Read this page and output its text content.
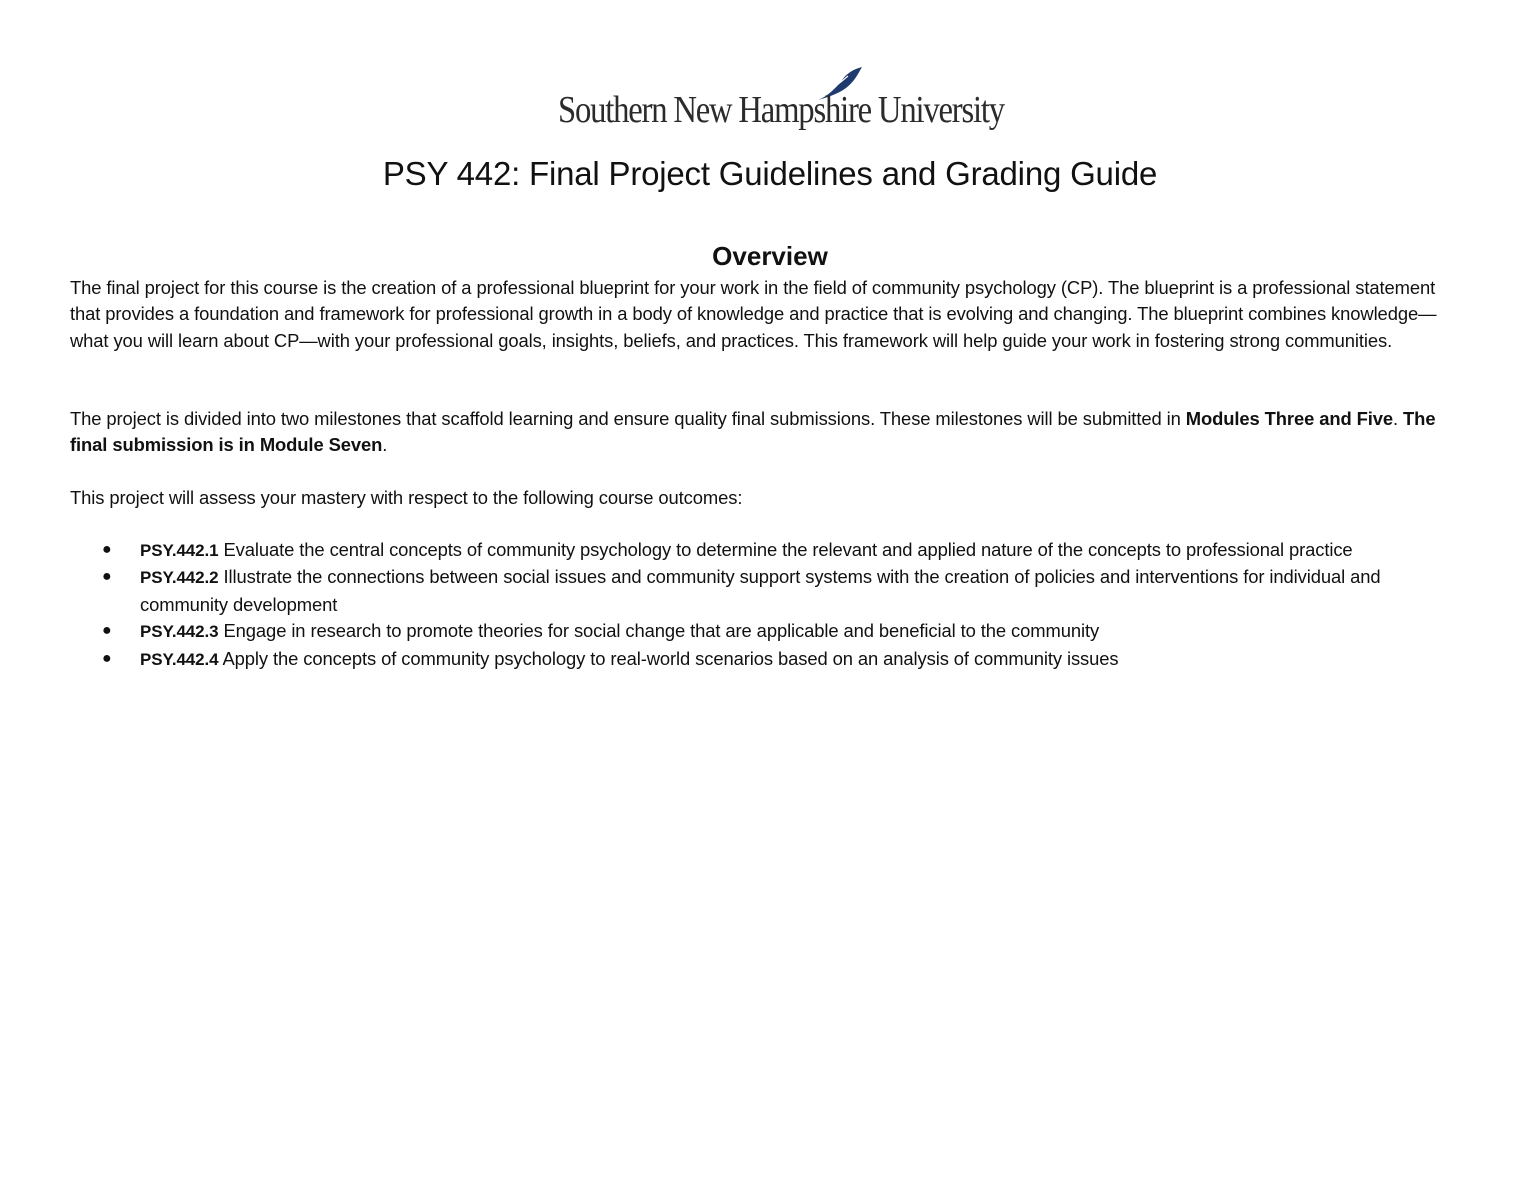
Southern New Hampshire University
PSY 442: Final Project Guidelines and Grading Guide
Overview

The final project for this course is the creation of a professional blueprint for your work in the field of community psychology (CP). The blueprint is a professional statement that provides a foundation and framework for professional growth in a body of knowledge and practice that is evolving and changing. The blueprint combines knowledge—what you will learn about CP—with your professional goals, insights, beliefs, and practices. This framework will help guide your work in fostering strong communities.

The project is divided into two milestones that scaffold learning and ensure quality final submissions. These milestones will be submitted in Modules Three and Five. The final submission is in Module Seven.

This project will assess your mastery with respect to the following course outcomes:

● PSY.442.1 Evaluate the central concepts of community psychology to determine the relevant and applied nature of the concepts to professional practice
● PSY.442.2 Illustrate the connections between social issues and community support systems with the creation of policies and interventions for individual and community development
● PSY.442.3 Engage in research to promote theories for social change that are applicable and beneficial to the community
● PSY.442.4 Apply the concepts of community psychology to real-world scenarios based on an analysis of community issues
